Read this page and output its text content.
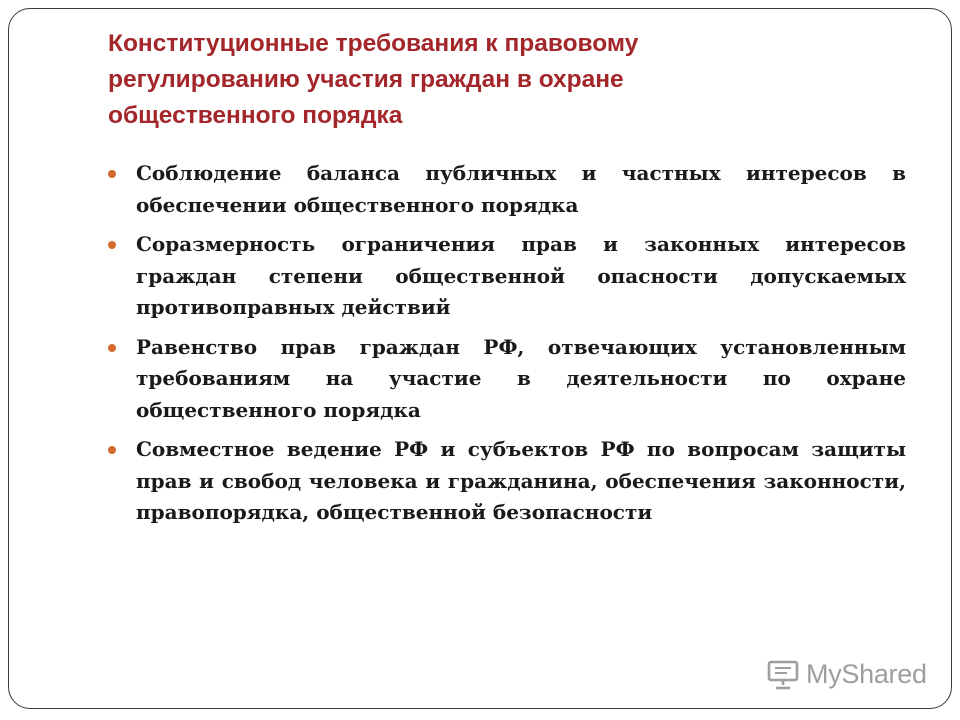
Конституционные требования к правовому регулированию участия граждан в охране общественного порядка
Соблюдение баланса публичных и частных интересов в обеспечении общественного порядка
Соразмерность ограничения прав и законных интересов граждан степени общественной опасности допускаемых противоправных действий
Равенство прав граждан РФ, отвечающих установленным требованиям на участие в деятельности по охране общественного порядка
Совместное ведение РФ и субъектов РФ по вопросам защиты прав и свобод человека и гражданина, обеспечения законности, правопорядка, общественной безопасности
MyShared
